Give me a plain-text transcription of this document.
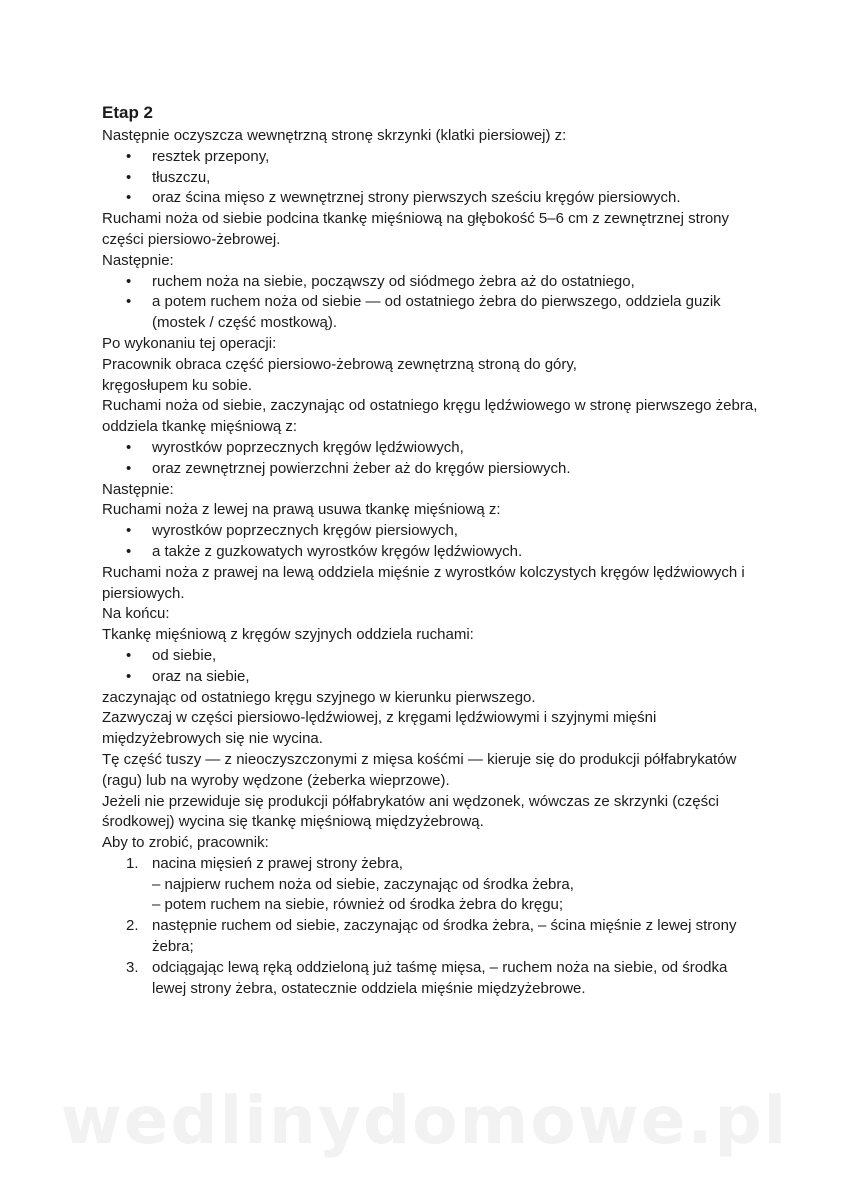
Etap 2

Następnie oczyszcza wewnętrzną stronę skrzynki (klatki piersiowej) z:

• resztek przepony,
• tłuszczu,
• oraz ścina mięso z wewnętrznej strony pierwszych sześciu kręgów piersiowych.

Ruchami noża od siebie podcina tkankę mięśniową na głębokość 5–6 cm z zewnętrznej strony części piersiowo-żebrowej.

Następnie:

• ruchem noża na siebie, począwszy od siódmego żebra aż do ostatniego,
• a potem ruchem noża od siebie — od ostatniego żebra do pierwszego, oddziela guzik (mostek / część mostkową).

Po wykonaniu tej operacji:

Pracownik obraca część piersiowo-żebrową zewnętrzną stroną do góry,

kręgosłupem ku sobie.

Ruchami noża od siebie, zaczynając od ostatniego kręgu lędźwiowego w stronę pierwszego żebra, oddziela tkankę mięśniową z:

• wyrostków poprzecznych kręgów lędźwiowych,
• oraz zewnętrznej powierzchni żeber aż do kręgów piersiowych.

Następnie:

Ruchami noża z lewej na prawą usuwa tkankę mięśniową z:

• wyrostków poprzecznych kręgów piersiowych,
• a także z guzkowatych wyrostków kręgów lędźwiowych.

Ruchami noża z prawej na lewą oddziela mięśnie z wyrostków kolczystych kręgów lędźwiowych i piersiowych.

Na końcu:

Tkankę mięśniową z kręgów szyjnych oddziela ruchami:

• od siebie,
• oraz na siebie,

zaczynając od ostatniego kręgu szyjnego w kierunku pierwszego.

Zazwyczaj w części piersiowo-lędźwiowej, z kręgami lędźwiowymi i szyjnymi mięśni międzyżebrowych się nie wycina.

Tę część tuszy — z nieoczyszczonymi z mięsa kośćmi — kieruje się do produkcji półfabrykatów (ragu) lub na wyroby wędzone (żeberka wieprzowe).

Jeżeli nie przewiduje się produkcji półfabrykatów ani wędzonek, wówczas ze skrzynki (części środkowej) wycina się tkankę mięśniową międzyżebrową.

Aby to zrobić, pracownik:

1. nacina mięsień z prawej strony żebra,
– najpierw ruchem noża od siebie, zaczynając od środka żebra,
– potem ruchem na siebie, również od środka żebra do kręgu;
2. następnie ruchem od siebie, zaczynając od środka żebra, – ścina mięśnie z lewej strony żebra;
3. odciągając lewą ręką oddzieloną już taśmę mięsa, – ruchem noża na siebie, od środka lewej strony żebra, ostatecznie oddziela mięśnie międzyżebrowe.
wedlinydomowe.pl
